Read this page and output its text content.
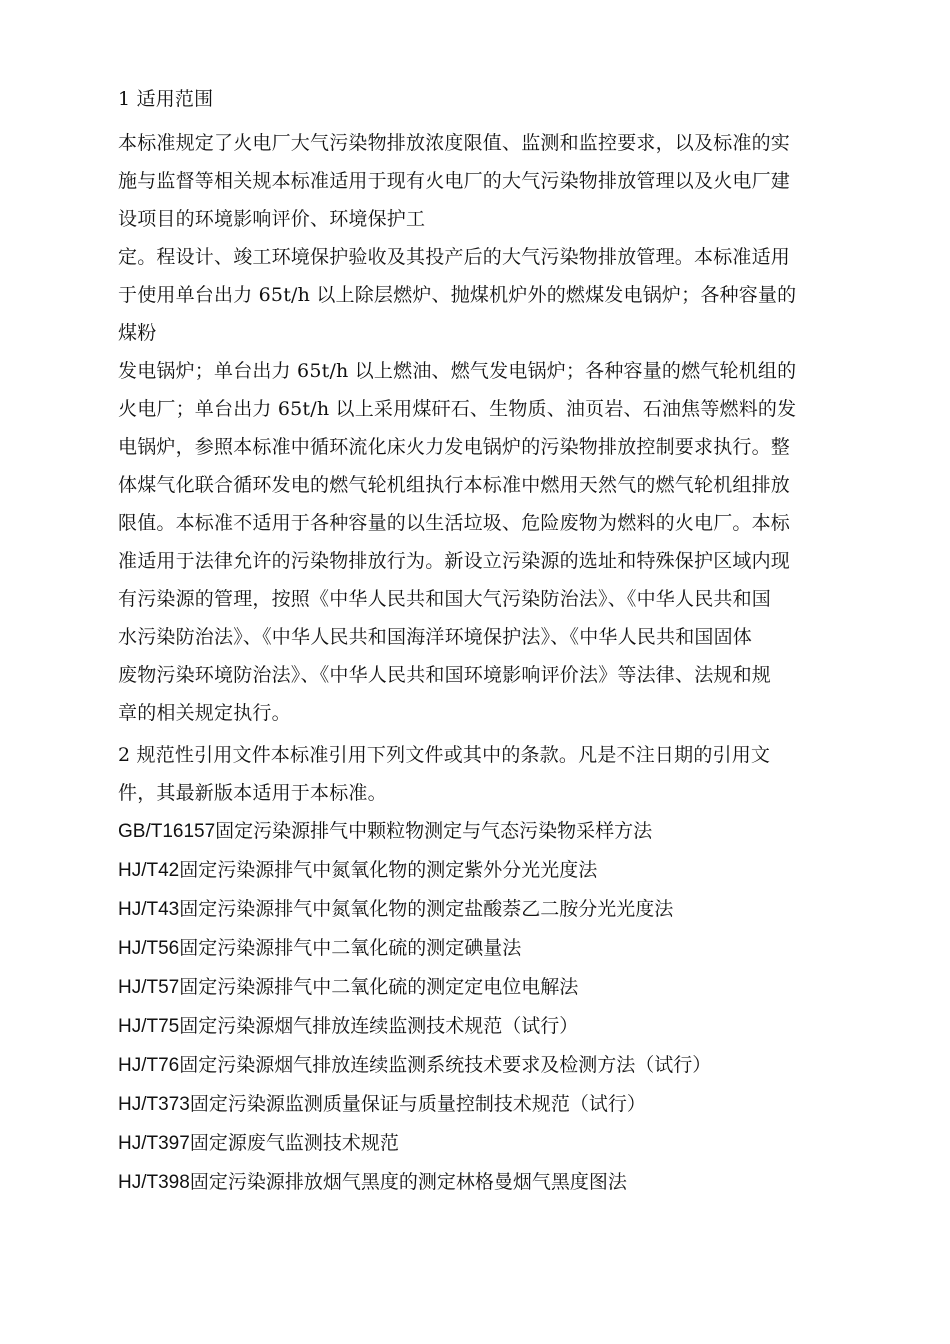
1 适用范围
本标准规定了火电厂大气污染物排放浓度限值、监测和监控要求，以及标准的实
施与监督等相关规本标准适用于现有火电厂的大气污染物排放管理以及火电厂建
设项目的环境影响评价、环境保护工
定。程设计、竣工环境保护验收及其投产后的大气污染物排放管理。本标准适用
于使用单台出力 65t/h 以上除层燃炉、抛煤机炉外的燃煤发电锅炉；各种容量的
煤粉
发电锅炉；单台出力 65t/h 以上燃油、燃气发电锅炉；各种容量的燃气轮机组的
火电厂；单台出力 65t/h 以上采用煤矸石、生物质、油页岩、石油焦等燃料的发
电锅炉，参照本标准中循环流化床火力发电锅炉的污染物排放控制要求执行。整
体煤气化联合循环发电的燃气轮机组执行本标准中燃用天然气的燃气轮机组排放
限值。本标准不适用于各种容量的以生活垃圾、危险废物为燃料的火电厂。本标
准适用于法律允许的污染物排放行为。新设立污染源的选址和特殊保护区域内现
有污染源的管理，按照《中华人民共和国大气污染防治法》、《中华人民共和国
水污染防治法》、《中华人民共和国海洋环境保护法》、《中华人民共和国固体
废物污染环境防治法》、《中华人民共和国环境影响评价法》等法律、法规和规
章的相关规定执行。
2 规范性引用文件本标准引用下列文件或其中的条款。凡是不注日期的引用文
件，其最新版本适用于本标准。
GB/T16157固定污染源排气中颗粒物测定与气态污染物采样方法
HJ/T42固定污染源排气中氮氧化物的测定紫外分光光度法
HJ/T43固定污染源排气中氮氧化物的测定盐酸萘乙二胺分光光度法
HJ/T56固定污染源排气中二氧化硫的测定碘量法
HJ/T57固定污染源排气中二氧化硫的测定定电位电解法
HJ/T75固定污染源烟气排放连续监测技术规范（试行）
HJ/T76固定污染源烟气排放连续监测系统技术要求及检测方法（试行）
HJ/T373固定污染源监测质量保证与质量控制技术规范（试行）
HJ/T397固定源废气监测技术规范
HJ/T398固定污染源排放烟气黑度的测定林格曼烟气黑度图法
